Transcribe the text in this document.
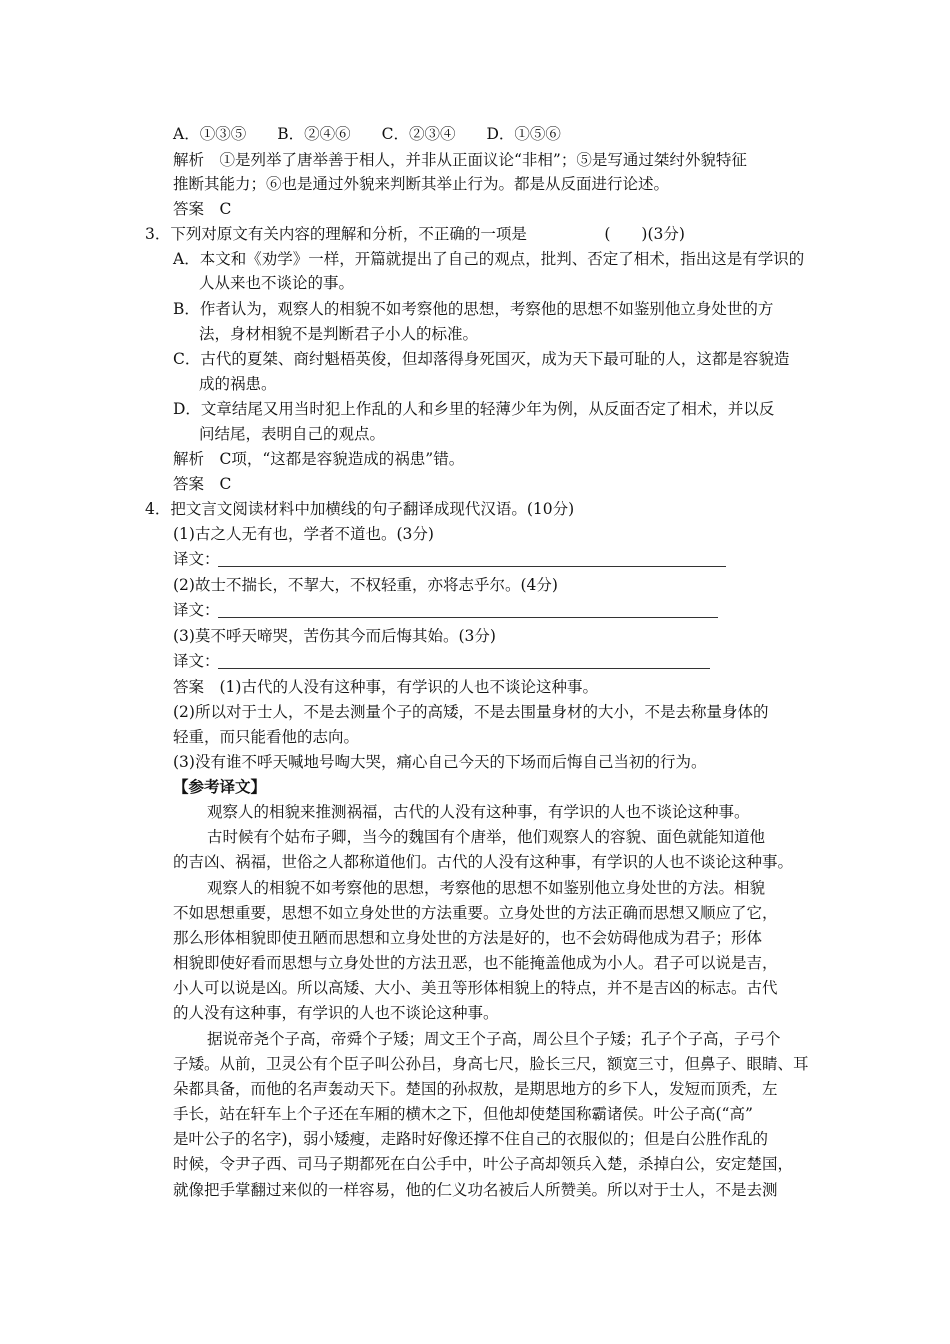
A．①③⑤　　B．②④⑥　　C．②③④　　D．①⑤⑥
解析　①是列举了唐举善于相人，并非从正面议论“非相”；⑤是写通过桀纣外貌特征
推断其能力；⑥也是通过外貌来判断其举止行为。都是从反面进行论述。
答案　C
3．下列对原文有关内容的理解和分析，不正确的一项是　　　　　(　　)(3分)
A．本文和《劝学》一样，开篇就提出了自己的观点，批判、否定了相术，指出这是有学识的
人从来也不谈论的事。
B．作者认为，观察人的相貌不如考察他的思想，考察他的思想不如鉴别他立身处世的方
法，身材相貌不是判断君子小人的标准。
C．古代的夏桀、商纣魁梧英俊，但却落得身死国灭，成为天下最可耻的人，这都是容貌造
成的祸患。
D．文章结尾又用当时犯上作乱的人和乡里的轻薄少年为例，从反面否定了相术，并以反
问结尾，表明自己的观点。
解析　C项，“这都是容貌造成的祸患”错。
答案　C
4．把文言文阅读材料中加横线的句子翻译成现代汉语。(10分)
(1)古之人无有也，学者不道也。(3分)
译文：
(2)故士不揣长，不挈大，不权轻重，亦将志乎尔。(4分)
译文：
(3)莫不呼天啼哭，苦伤其今而后悔其始。(3分)
译文：
答案　(1)古代的人没有这种事，有学识的人也不谈论这种事。
(2)所以对于士人，不是去测量个子的高矮，不是去围量身材的大小，不是去称量身体的
轻重，而只能看他的志向。
(3)没有谁不呼天喊地号啕大哭，痛心自己今天的下场而后悔自己当初的行为。
【参考译文】
观察人的相貌来推测祸福，古代的人没有这种事，有学识的人也不谈论这种事。
古时候有个姑布子卿，当今的魏国有个唐举，他们观察人的容貌、面色就能知道他
的吉凶、祸福，世俗之人都称道他们。古代的人没有这种事，有学识的人也不谈论这种事。
观察人的相貌不如考察他的思想，考察他的思想不如鉴别他立身处世的方法。相貌
不如思想重要，思想不如立身处世的方法重要。立身处世的方法正确而思想又顺应了它，
那么形体相貌即使丑陋而思想和立身处世的方法是好的，也不会妨碍他成为君子；形体
相貌即使好看而思想与立身处世的方法丑恶，也不能掩盖他成为小人。君子可以说是吉，
小人可以说是凶。所以高矮、大小、美丑等形体相貌上的特点，并不是吉凶的标志。古代
的人没有这种事，有学识的人也不谈论这种事。
据说帝尧个子高，帝舜个子矮；周文王个子高，周公旦个子矮；孔子个子高，子弓个
子矮。从前，卫灵公有个臣子叫公孙吕，身高七尺，脸长三尺，额宽三寸，但鼻子、眼睛、耳
朵都具备，而他的名声轰动天下。楚国的孙叔敖，是期思地方的乡下人，发短而顶秃，左
手长，站在轩车上个子还在车厢的横木之下，但他却使楚国称霸诸侯。叶公子高(“高”
是叶公子的名字)，弱小矮瘦，走路时好像还撑不住自己的衣服似的；但是白公胜作乱的
时候，令尹子西、司马子期都死在白公手中，叶公子高却领兵入楚，杀掉白公，安定楚国，
就像把手掌翻过来似的一样容易，他的仁义功名被后人所赞美。所以对于士人，不是去测
